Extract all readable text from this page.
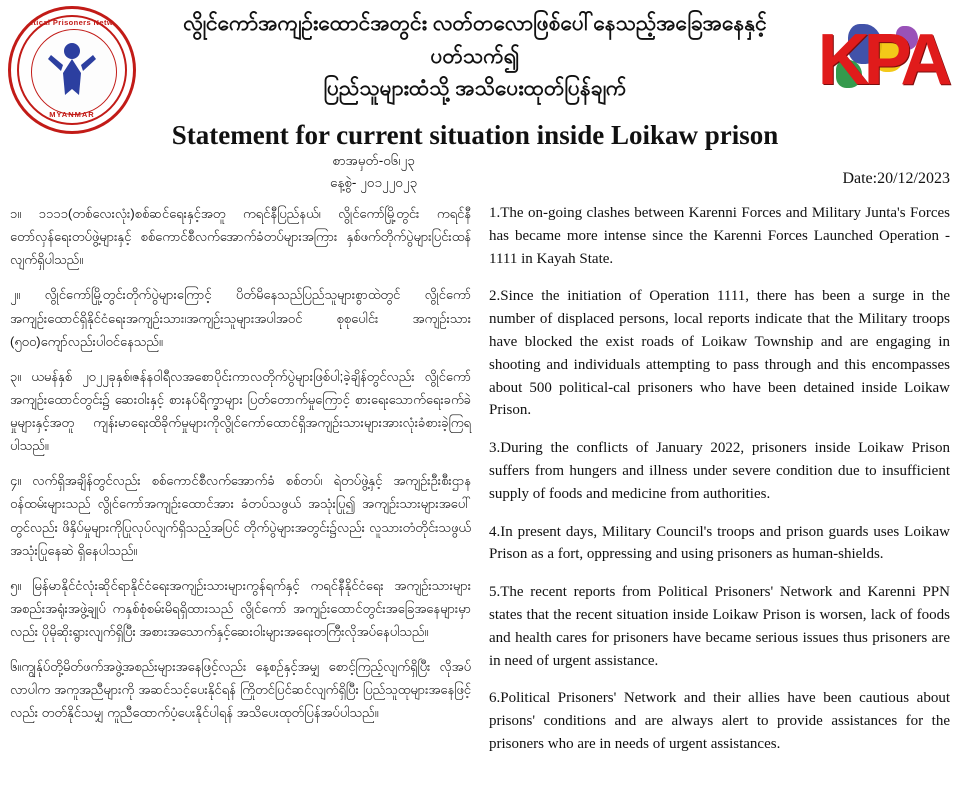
Political Prisoners Network
MYANMAR
လွိုင်ကော်အကျဉ်းထောင်အတွင်း လတ်တလောဖြစ်ပေါ်နေသည့်အခြေအနေနှင့်ပတ်သက်၍
ပြည်သူများထံသို့ အသိပေးထုတ်ပြန်ချက်
Statement for current situation inside Loikaw prison
KPA
စာအမှတ်-၀၆၊၂၃
နေ့စွဲ- ၂၀၁၂၂၀၂၃	Date:20/12/2023

၁။ ၁၁၁၁(တစ်လေးလုံး)စစ်ဆင်ရေးနှင့်အတူ ကရင်နီပြည်နယ်၊ လွိုင်ကော်မြို့တွင်း ကရင်နီတော်လှန်ရေးတပ်ဖွဲ့များနှင့် စစ်ကောင်စီလက်အောက်ခံတပ်များအကြား နှစ်ဖက်တိုက်ပွဲများပြင်းထန်လျက်ရှိပါသည်။

၂။ လွိုင်ကော်မြို့တွင်းတိုက်ပွဲများကြောင့် ပိတ်မိနေသည်ပြည်သူများစွာထဲတွင် လွိုင်ကော်အကျဉ်းထောင်ရှိနိုင်ငံရေးအကျဉ်းသား၊အကျဉ်းသူများအပါအဝင် စုစုပေါင်း အကျဉ်းသား (၅၀၀)ကျော်လည်းပါဝင်နေသည်။

၃။ ယမန်နှစ် ၂၀၂၂ခုနှစ်၊ဇန်နဝါရီလအစောပိုင်းကာလတိုက်ပွဲများဖြစ်ပါ;ခဲ့ချိန်တွင်လည်း လွိုင်ကော်အကျဉ်းထောင်တွင်း၌ ဆေးဝါးနှင့် စားနပ်ရိက္ခာများ ပြတ်တောက်မှုကြောင့် စားရေးသောက်ရေးခက်ခဲမှုများနှင့်အတူ ကျန်းမာရေးထိခိုက်မှုများကိုလွိုင်ကော်ထောင်ရှိအကျဉ်းသားများအားလုံးခံစားခဲ့ကြရပါသည်။

၄။ လက်ရှိအချိန်တွင်လည်း စစ်ကောင်စီလက်အောက်ခံ စစ်တပ်၊ ရဲတပ်ဖွဲ့နှင့် အကျဉ်းဦးစီးဌာနဝန်ထမ်းများသည် လွိုင်ကော်အကျဉ်းထောင်အား ခံတပ်သဖွယ် အသုံးပြု၍ အကျဉ်းသားများအပေါ်တွင်လည်း ဖိနှိပ်မှုများကိုပြုလုပ်လျက်ရှိသည့်အပြင် တိုက်ပွဲများအတွင်း၌လည်း လူသားတံတိုင်းသဖွယ်အသုံးပြုနေဆဲ ရှိနေပါသည်။

၅။ မြန်မာနိုင်ငံလုံးဆိုင်ရာနိုင်ငံရေးအကျဉ်းသားများကွန်ရက်နှင့် ကရင်နီနိုင်ငံရေး အကျဉ်းသားများအစည်းအရုံးအဖွဲ့ချုပ် ကနှစ်စုံစမ်းမိရရှိထားသည် လွိုင်ကော် အကျဉ်းထောင်တွင်းအခြေအနေများမှာလည်း ပိုမိုဆိုးရွားလျက်ရှိပြီး အစားအသောက်နှင့်ဆေးဝါးများအရေးတကြီးလိုအပ်နေပါသည်။

၆။ကျွန်ုပ်တို့မိတ်ဖက်အဖွဲ့အစည်းများအနေဖြင့်လည်း နေ့စဉ်နှင့်အမျှ စောင့်ကြည့်လျက်ရှိပြီး လိုအပ်လာပါက အကူအညီများကို အဆင်သင့်ပေးနိုင်ရန် ကြိုတင်ပြင်ဆင်လျက်ရှိပြီး ပြည်သူထုများအနေဖြင့်လည်း တတ်နိုင်သမျှ ကူညီထောက်ပံ့ပေးနိုင်ပါရန် အသိပေးထုတ်ပြန်အပ်ပါသည်။

1.The on-going clashes between Karenni Forces and Military Junta's Forces has became more intense since the Karenni Forces Launched Operation - 1111 in Kayah State.

2.Since the initiation of Operation 1111, there has been a surge in the number of displaced persons, local reports indicate that the Military troops have blocked the exist roads of Loikaw Township and are engaging in shooting and individuals attempting to pass through and this encompasses about 500 political-cal prisoners who have been detained inside Loikaw Prison.

3.During the conflicts of January 2022, prisoners inside Loikaw Prison suffers from hungers and illness under severe condition due to insufficient supply of foods and medicine from authorities.

4.In present days, Military Council's troops and prison guards uses Loikaw Prison as a fort, oppressing and using prisoners as human-shields.

5.The recent reports from Political Prisoners' Network and Karenni PPN states that the recent situation inside Loikaw Prison is worsen, lack of foods and health cares for prisoners have became serious issues thus prisoners are in need of urgent assistance.

6.Political Prisoners' Network and their allies have been cautious about prisons' conditions and are always alert to provide assistances for the prisoners who are in needs of urgent assistances.
